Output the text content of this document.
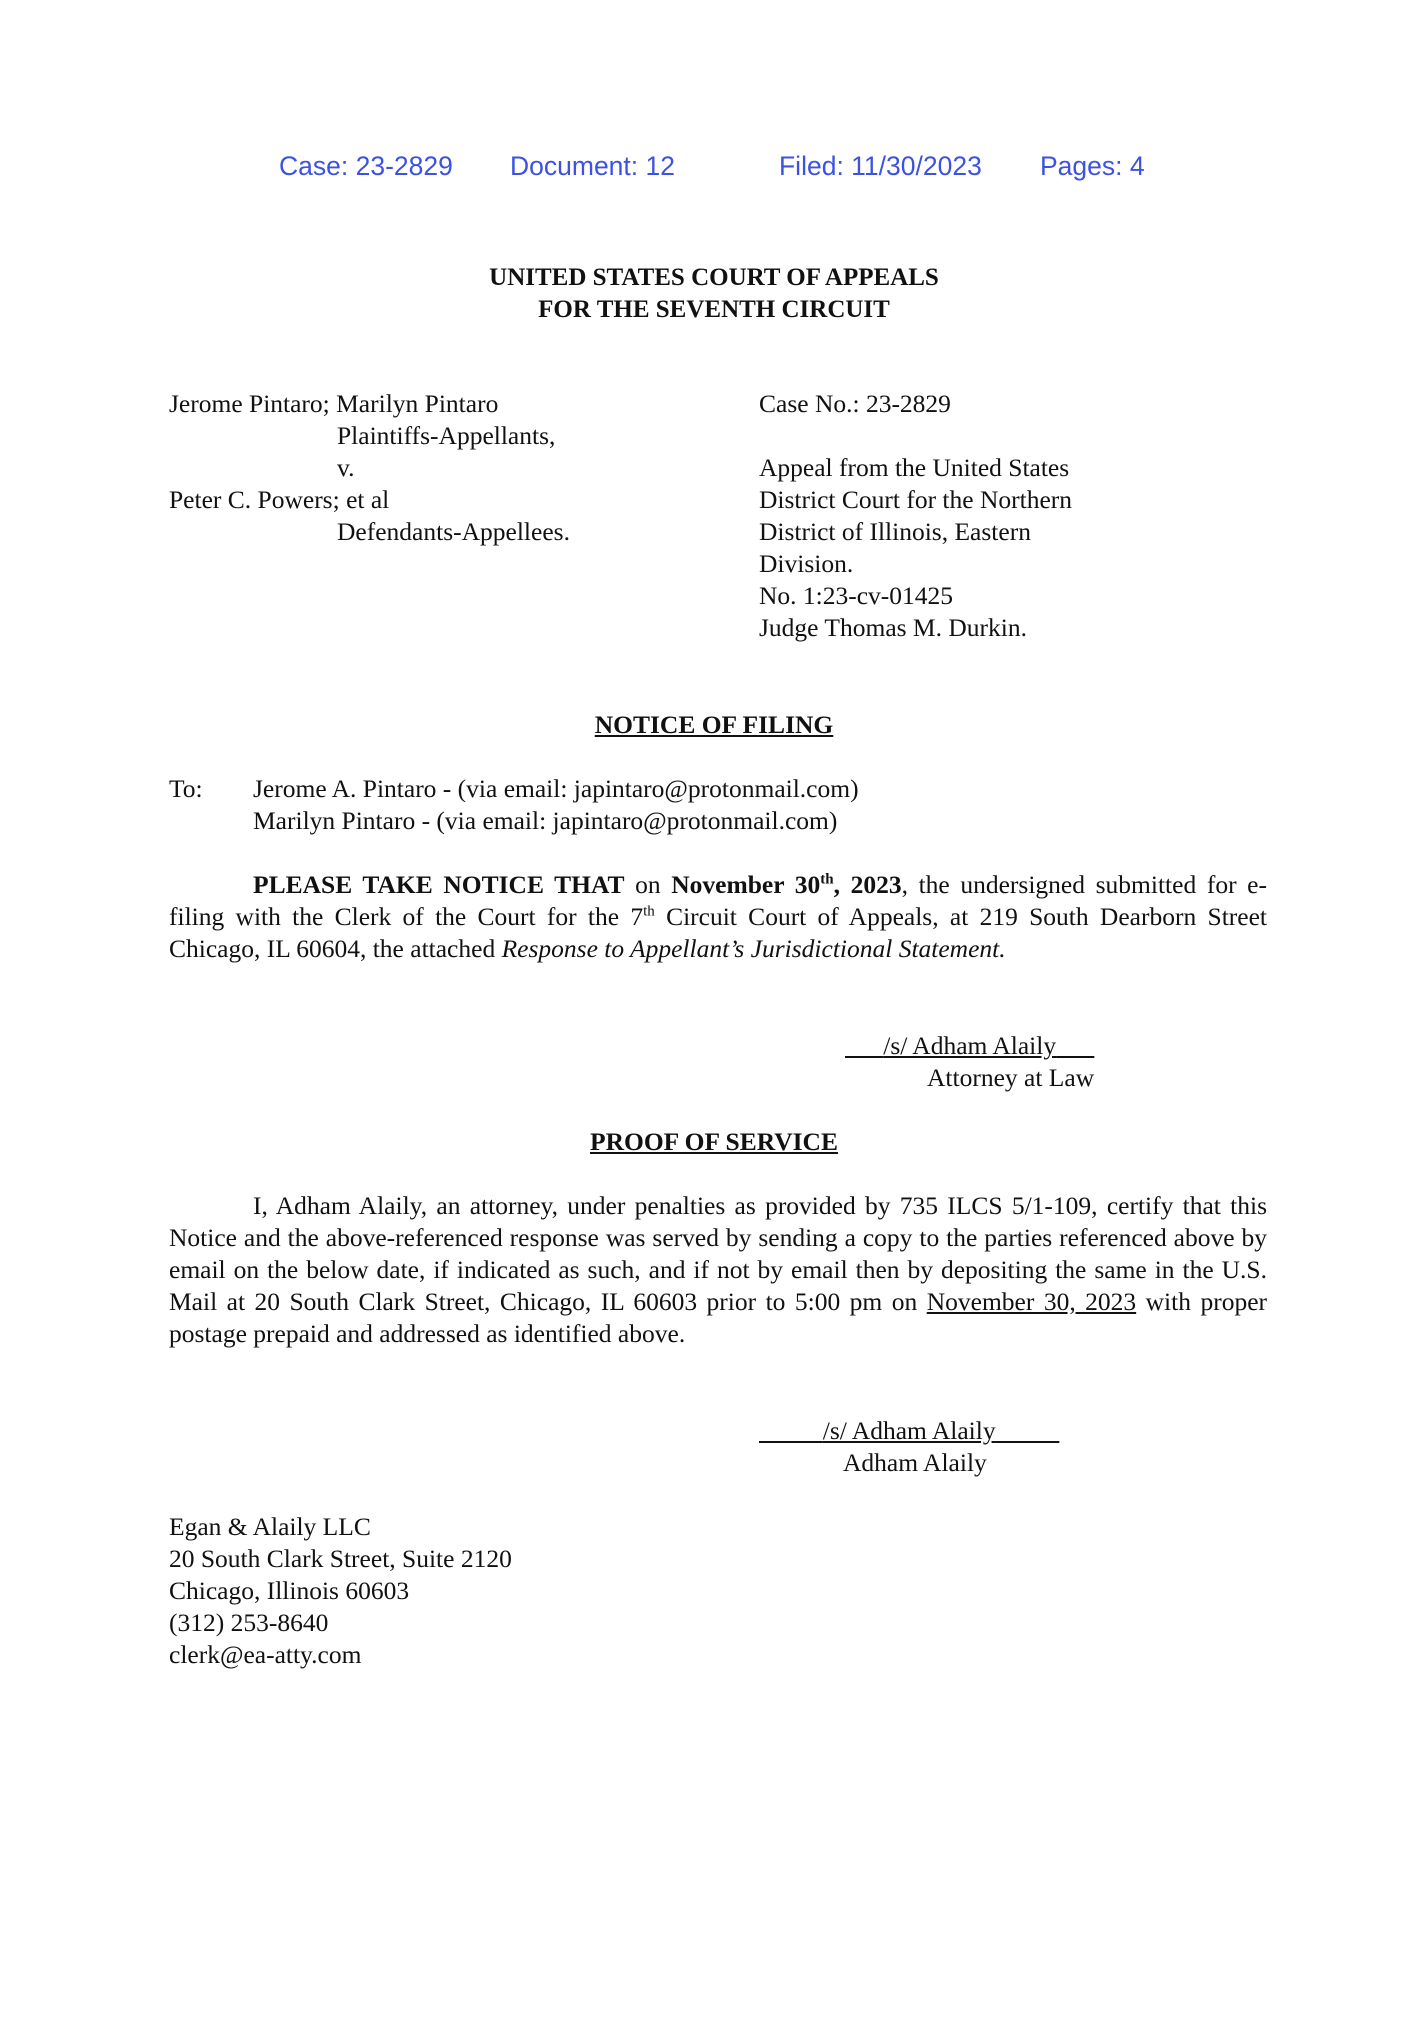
Case: 23-2829 Document: 12	Filed: 11/30/2023 Pages: 4
UNITED STATES COURT OF APPEALS
FOR THE SEVENTH CIRCUIT
Jerome Pintaro; Marilyn Pintaro
Plaintiffs-Appellants,
v.
Peter C. Powers; et al
Defendants-Appellees.
Case No.: 23-2829
Appeal from the United States
District Court for the Northern
District of Illinois, Eastern
Division.
No. 1:23-cv-01425
Judge Thomas M. Durkin.
NOTICE OF FILING
To: Jerome A. Pintaro - (via email: japintaro@protonmail.com)
Marilyn Pintaro - (via email: japintaro@protonmail.com)
PLEASE TAKE NOTICE THAT on November 30th, 2023, the undersigned submitted for e-filing with the Clerk of the Court for the 7th Circuit Court of Appeals, at 219 South Dearborn Street Chicago, IL 60604, the attached Response to Appellant’s Jurisdictional Statement.
/s/ Adham Alaily
Attorney at Law
PROOF OF SERVICE
I, Adham Alaily, an attorney, under penalties as provided by 735 ILCS 5/1-109, certify that this Notice and the above-referenced response was served by sending a copy to the parties referenced above by email on the below date, if indicated as such, and if not by email then by depositing the same in the U.S. Mail at 20 South Clark Street, Chicago, IL 60603 prior to 5:00 pm on November 30, 2023 with proper postage prepaid and addressed as identified above.
/s/ Adham Alaily
Adham Alaily
Egan & Alaily LLC
20 South Clark Street, Suite 2120
Chicago, Illinois 60603
(312) 253-8640
clerk@ea-atty.com
